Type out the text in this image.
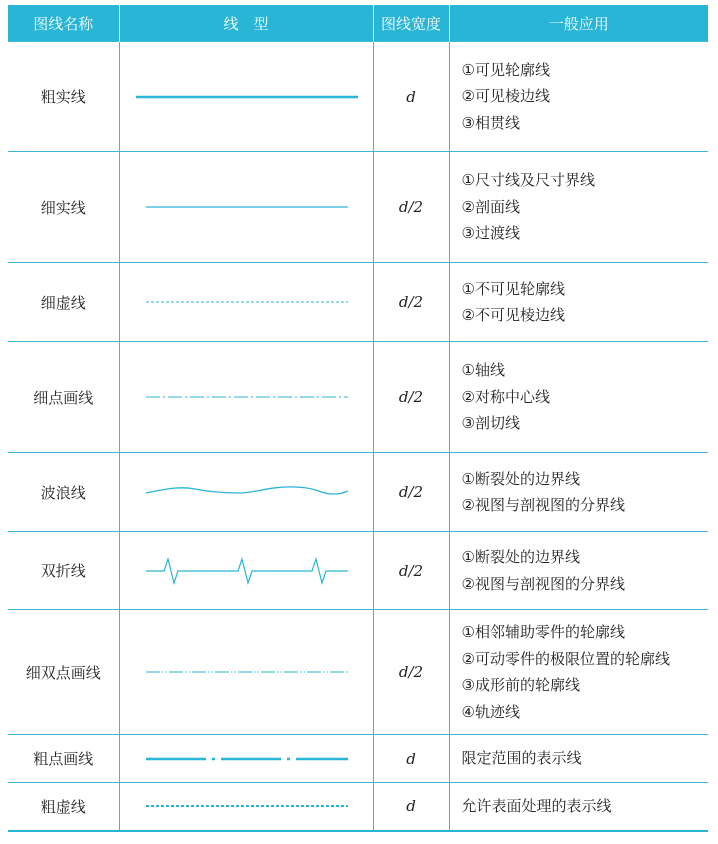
图线名称	线　型	图线宽度	一般应用
粗实线		d	①可见轮廓线
②可见棱边线
③相贯线

细实线		d/2	①尺寸线及尺寸界线
②剖面线
③过渡线

细虚线		d/2	①不可见轮廓线
②不可见棱边线

细点画线		d/2	①轴线
②对称中心线
③剖切线

波浪线		d/2	①断裂处的边界线
②视图与剖视图的分界线

双折线		d/2	①断裂处的边界线
②视图与剖视图的分界线

细双点画线		d/2	①相邻辅助零件的轮廓线
②可动零件的极限位置的轮廓线
③成形前的轮廓线
④轨迹线

粗点画线		d	限定范围的表示线

粗虚线		d	允许表面处理的表示线
